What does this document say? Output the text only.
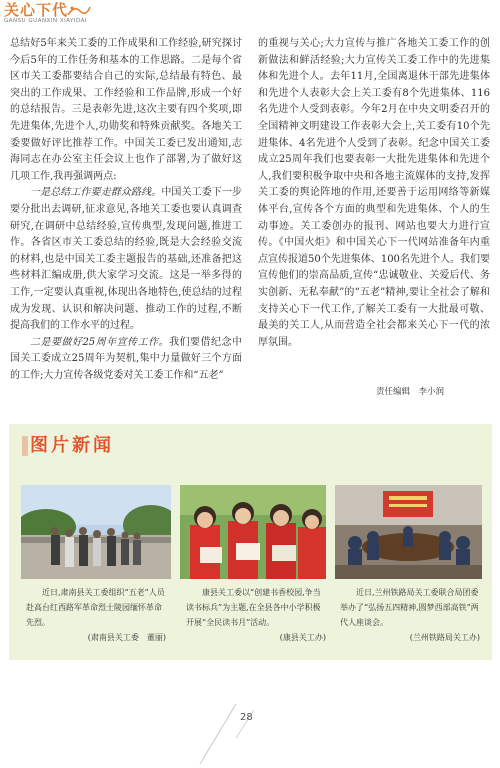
关心下代
GANSU GUANXIN XIAYIDAI

总结好5年来关工委的工作成果和工作经验,研究探讨今后5年的工作任务和基本的工作思路。二是每个省区市关工委都要结合自己的实际,总结最有特色、最突出的工作成果、工作经验和工作品牌,形成一个好的总结报告。三是表彰先进,这次主要有四个奖项,即先进集体,先进个人,功勋奖和特殊贡献奖。各地关工委要做好评比推荐工作。中国关工委已发出通知,志海同志在办公室主任会议上也作了部署,为了做好这几项工作,我再强调两点:

一是总结工作要走群众路线。中国关工委下一步要分批出去调研,征求意见,各地关工委也要认真调查研究,在调研中总结经验,宣传典型,发现问题,推进工作。各省区市关工委总结的经验,既是大会经验交流的材料,也是中国关工委主题报告的基础,还准备把这些材料汇编成册,供大家学习交流。这是一举多得的工作,一定要认真重视,体现出各地特色,使总结的过程成为发现、认识和解决问题、推动工作的过程,不断提高我们的工作水平的过程。

二是要做好25周年宣传工作。我们要借纪念中国关工委成立25周年为契机,集中力量做好三个方面的工作;大力宣传各级党委对关工委工作和“五老”

的重视与关心;大力宣传与推广各地关工委工作的创新做法和鲜活经验;大力宣传关工委工作中的先进集体和先进个人。去年11月,全国离退休干部先进集体和先进个人表彰大会上关工委有8个先进集体、116名先进个人受到表彰。今年2月在中央文明委召开的全国精神文明建设工作表彰大会上,关工委有10个先进集体、4名先进个人受到了表彰。纪念中国关工委成立25周年我们也要表彰一大批先进集体和先进个人,我们要积极争取中央和各地主流媒体的支持,发挥关工委的舆论阵地的作用,还要善于运用网络等新媒体平台,宣传各个方面的典型和先进集体、个人的生动事迹。关工委创办的报刊、网站也要大力进行宣传。《中国火炬》和中国关心下一代网站准备年内重点宣传报道50个先进集体、100名先进个人。我们要宣传他们的崇高品质,宣传“忠诚敬业、关爱后代、务实创新、无私奉献”的“五老”精神,要让全社会了解和支持关心下一代工作,了解关工委有一大批最可敬、最美的关工人,从而营造全社会都来关心下一代的浓厚氛围。

责任编辑　李小润
图片新闻

近日,肃南县关工委组织“五老”人员赴高台红西路军革命烈士陵园缅怀革命先烈。

(肃南县关工委　董丽)

康县关工委以“创建书香校园,争当读书标兵”为主题,在全县各中小学积极开展“全民读书月”活动。

(康县关工办)

近日,兰州铁路局关工委联合局团委举办了“弘扬五四精神,圆梦西部高铁”两代人座谈会。

(兰州铁路局关工办)

28
